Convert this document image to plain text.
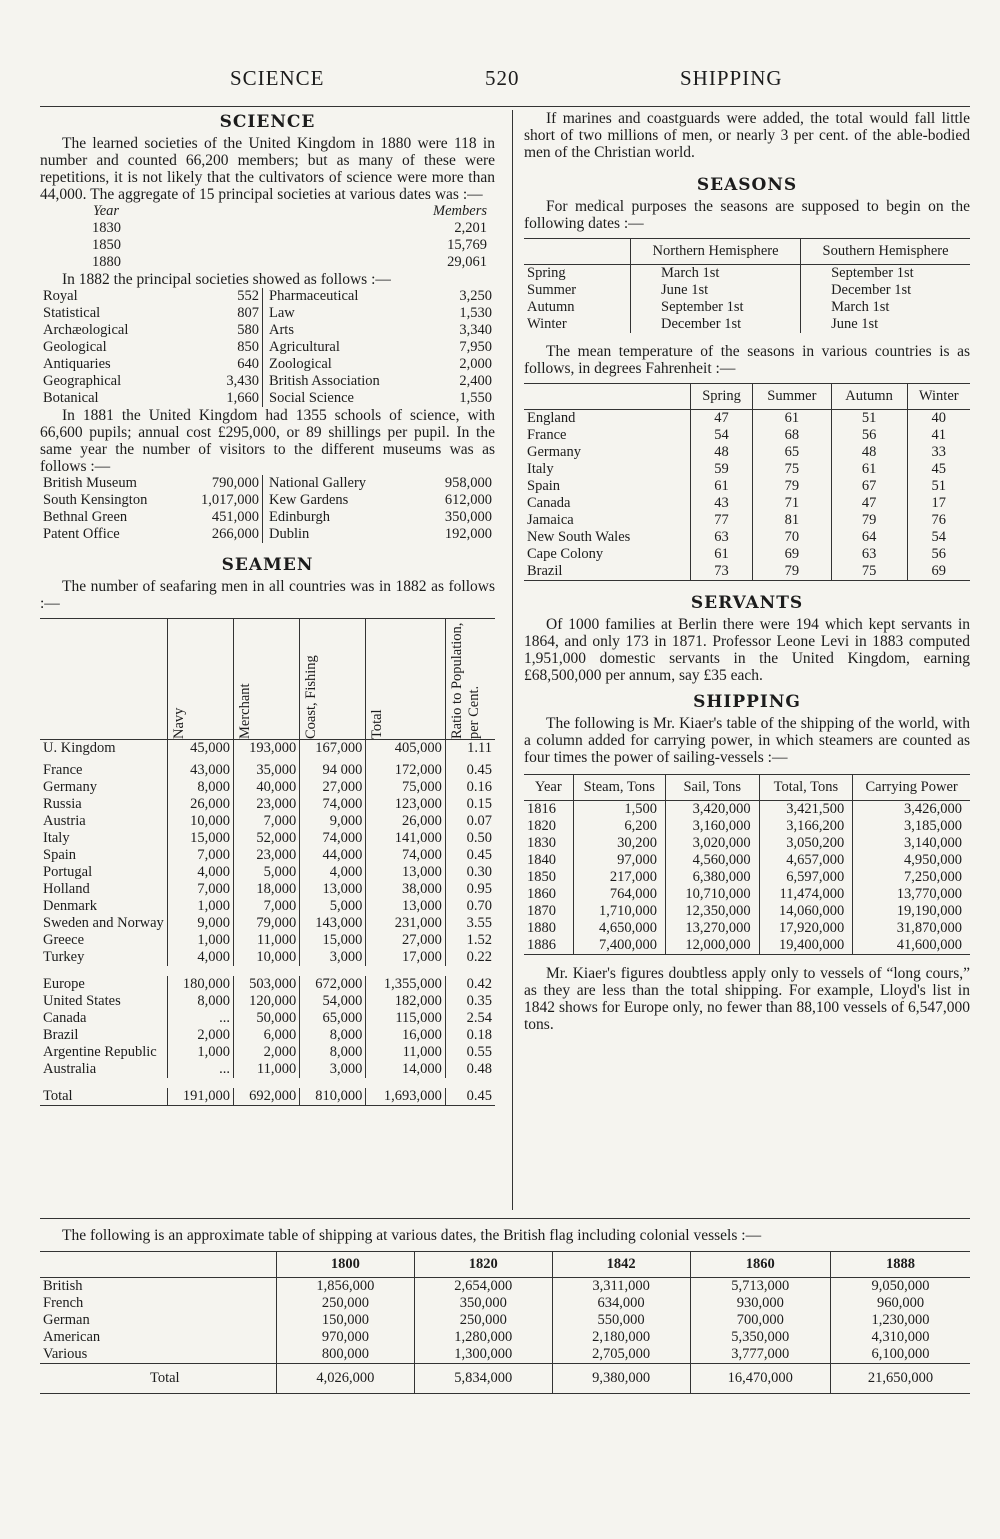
SCIENCE	520	SHIPPING
SCIENCE

The learned societies of the United Kingdom in 1880 were 118 in number and counted 66,200 members; but as many of these were repetitions, it is not likely that the cultivators of science were more than 44,000. The aggregate of 15 principal societies at various dates was :—

Year	Members
1830	2,201
1850	15,769
1880	29,061

In 1882 the principal societies showed as follows :—

Royal	552	Pharmaceutical	3,250
Statistical	807	Law	1,530
Archæological	580	Arts	3,340
Geological	850	Agricultural	7,950
Antiquaries	640	Zoological	2,000
Geographical	3,430	British Association	2,400
Botanical	1,660	Social Science	1,550

In 1881 the United Kingdom had 1355 schools of science, with 66,600 pupils; annual cost £295,000, or 89 shillings per pupil. In the same year the number of visitors to the different museums was as follows :—

British Museum	790,000	National Gallery	958,000
South Kensington	1,017,000	Kew Gardens	612,000
Bethnal Green	451,000	Edinburgh	350,000
Patent Office	266,000	Dublin	192,000
SEAMEN

The number of seafaring men in all countries was in 1882 as follows :—

	Navy	Merchant	Coast, Fishing	Total	Ratio to Population, per Cent.

U. Kingdom	45,000	193,000	167,000	405,000	1.11
France	43,000	35,000	94 000	172,000	0.45
Germany	8,000	40,000	27,000	75,000	0.16
Russia	26,000	23,000	74,000	123,000	0.15
Austria	10,000	7,000	9,000	26,000	0.07
Italy	15,000	52,000	74,000	141,000	0.50
Spain	7,000	23,000	44,000	74,000	0.45
Portugal	4,000	5,000	4,000	13,000	0.30
Holland	7,000	18,000	13,000	38,000	0.95
Denmark	1,000	7,000	5,000	13,000	0.70
Sweden and Norway	9,000	79,000	143,000	231,000	3.55
Greece	1,000	11,000	15,000	27,000	1.52
Turkey	4,000	10,000	3,000	17,000	0.22

Europe	180,000	503,000	672,000	1,355,000	0.42
United States	8,000	120,000	54,000	182,000	0.35
Canada	...	50,000	65,000	115,000	2.54
Brazil	2,000	6,000	8,000	16,000	0.18
Argentine Republic	1,000	2,000	8,000	11,000	0.55
Australia	...	11,000	3,000	14,000	0.48

Total	191,000	692,000	810,000	1,693,000	0.45

If marines and coastguards were added, the total would fall little short of two millions of men, or nearly 3 per cent. of the able-bodied men of the Christian world.

SEASONS

For medical purposes the seasons are supposed to begin on the following dates :—

	Northern Hemisphere	Southern Hemisphere
Spring	March 1st	September 1st
Summer	June 1st	December 1st
Autumn	September 1st	March 1st
Winter	December 1st	June 1st

The mean temperature of the seasons in various countries is as follows, in degrees Fahrenheit :—

	Spring	Summer	Autumn	Winter
England	47	61	51	40
France	54	68	56	41
Germany	48	65	48	33
Italy	59	75	61	45
Spain	61	79	67	51
Canada	43	71	47	17
Jamaica	77	81	79	76
New South Wales	63	70	64	54
Cape Colony	61	69	63	56
Brazil	73	79	75	69
SERVANTS

Of 1000 families at Berlin there were 194 which kept servants in 1864, and only 173 in 1871. Professor Leone Levi in 1883 computed 1,951,000 domestic servants in the United Kingdom, earning £68,500,000 per annum, say £35 each.

SHIPPING

The following is Mr. Kiaer's table of the shipping of the world, with a column added for carrying power, in which steamers are counted as four times the power of sailing-vessels :—

Year	Steam, Tons	Sail, Tons	Total, Tons	Carrying Power
1816	1,500	3,420,000	3,421,500	3,426,000
1820	6,200	3,160,000	3,166,200	3,185,000
1830	30,200	3,020,000	3,050,200	3,140,000
1840	97,000	4,560,000	4,657,000	4,950,000
1850	217,000	6,380,000	6,597,000	7,250,000
1860	764,000	10,710,000	11,474,000	13,770,000
1870	1,710,000	12,350,000	14,060,000	19,190,000
1880	4,650,000	13,270,000	17,920,000	31,870,000
1886	7,400,000	12,000,000	19,400,000	41,600,000

Mr. Kiaer's figures doubtless apply only to vessels of “long cours,” as they are less than the total shipping. For example, Lloyd's list in 1842 shows for Europe only, no fewer than 88,100 vessels of 6,547,000 tons.

The following is an approximate table of shipping at various dates, the British flag including colonial vessels :—

	1800	1820	1842	1860	1888
British	1,856,000	2,654,000	3,311,000	5,713,000	9,050,000
French	250,000	350,000	634,000	930,000	960,000
German	150,000	250,000	550,000	700,000	1,230,000
American	970,000	1,280,000	2,180,000	5,350,000	4,310,000
Various	800,000	1,300,000	2,705,000	3,777,000	6,100,000
Total	4,026,000	5,834,000	9,380,000	16,470,000	21,650,000
